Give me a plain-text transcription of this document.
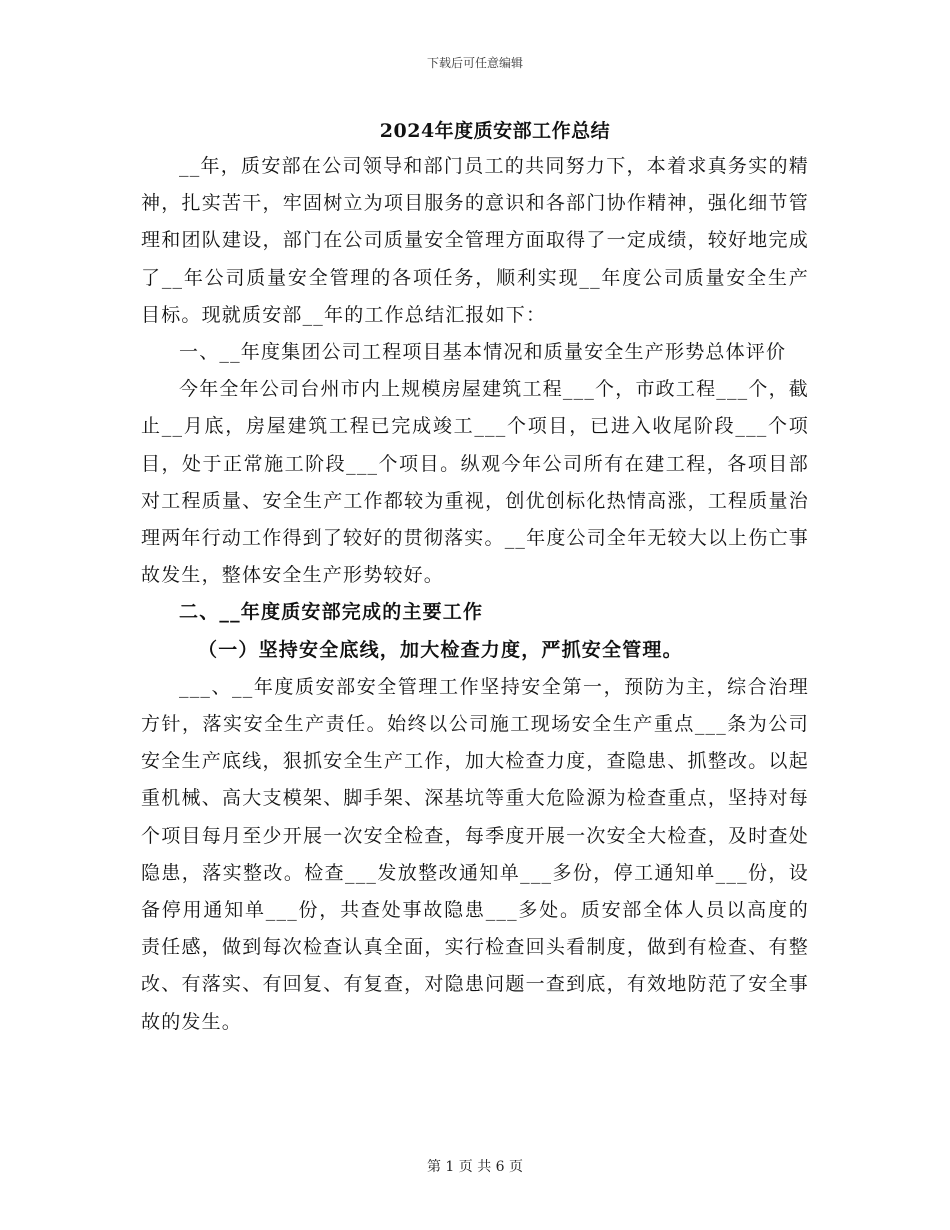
下载后可任意编辑
2024年度质安部工作总结

__年，质安部在公司领导和部门员工的共同努力下，本着求真务实的精神，扎实苦干，牢固树立为项目服务的意识和各部门协作精神，强化细节管理和团队建设，部门在公司质量安全管理方面取得了一定成绩，较好地完成了__年公司质量安全管理的各项任务，顺利实现__年度公司质量安全生产目标。现就质安部__年的工作总结汇报如下：

一、__年度集团公司工程项目基本情况和质量安全生产形势总体评价

今年全年公司台州市内上规模房屋建筑工程___个，市政工程___个，截止__月底，房屋建筑工程已完成竣工___个项目，已进入收尾阶段___个项目，处于正常施工阶段___个项目。纵观今年公司所有在建工程，各项目部对工程质量、安全生产工作都较为重视，创优创标化热情高涨，工程质量治理两年行动工作得到了较好的贯彻落实。__年度公司全年无较大以上伤亡事故发生，整体安全生产形势较好。

二、__年度质安部完成的主要工作

（一）坚持安全底线，加大检查力度，严抓安全管理。

___、__年度质安部安全管理工作坚持安全第一，预防为主，综合治理方针，落实安全生产责任。始终以公司施工现场安全生产重点___条为公司安全生产底线，狠抓安全生产工作，加大检查力度，查隐患、抓整改。以起重机械、高大支模架、脚手架、深基坑等重大危险源为检查重点，坚持对每个项目每月至少开展一次安全检查，每季度开展一次安全大检查，及时查处隐患，落实整改。检查___发放整改通知单___多份，停工通知单___份，设备停用通知单___份，共查处事故隐患___多处。质安部全体人员以高度的责任感，做到每次检查认真全面，实行检查回头看制度，做到有检查、有整改、有落实、有回复、有复查，对隐患问题一查到底，有效地防范了安全事故的发生。

第 1 页 共 6 页
